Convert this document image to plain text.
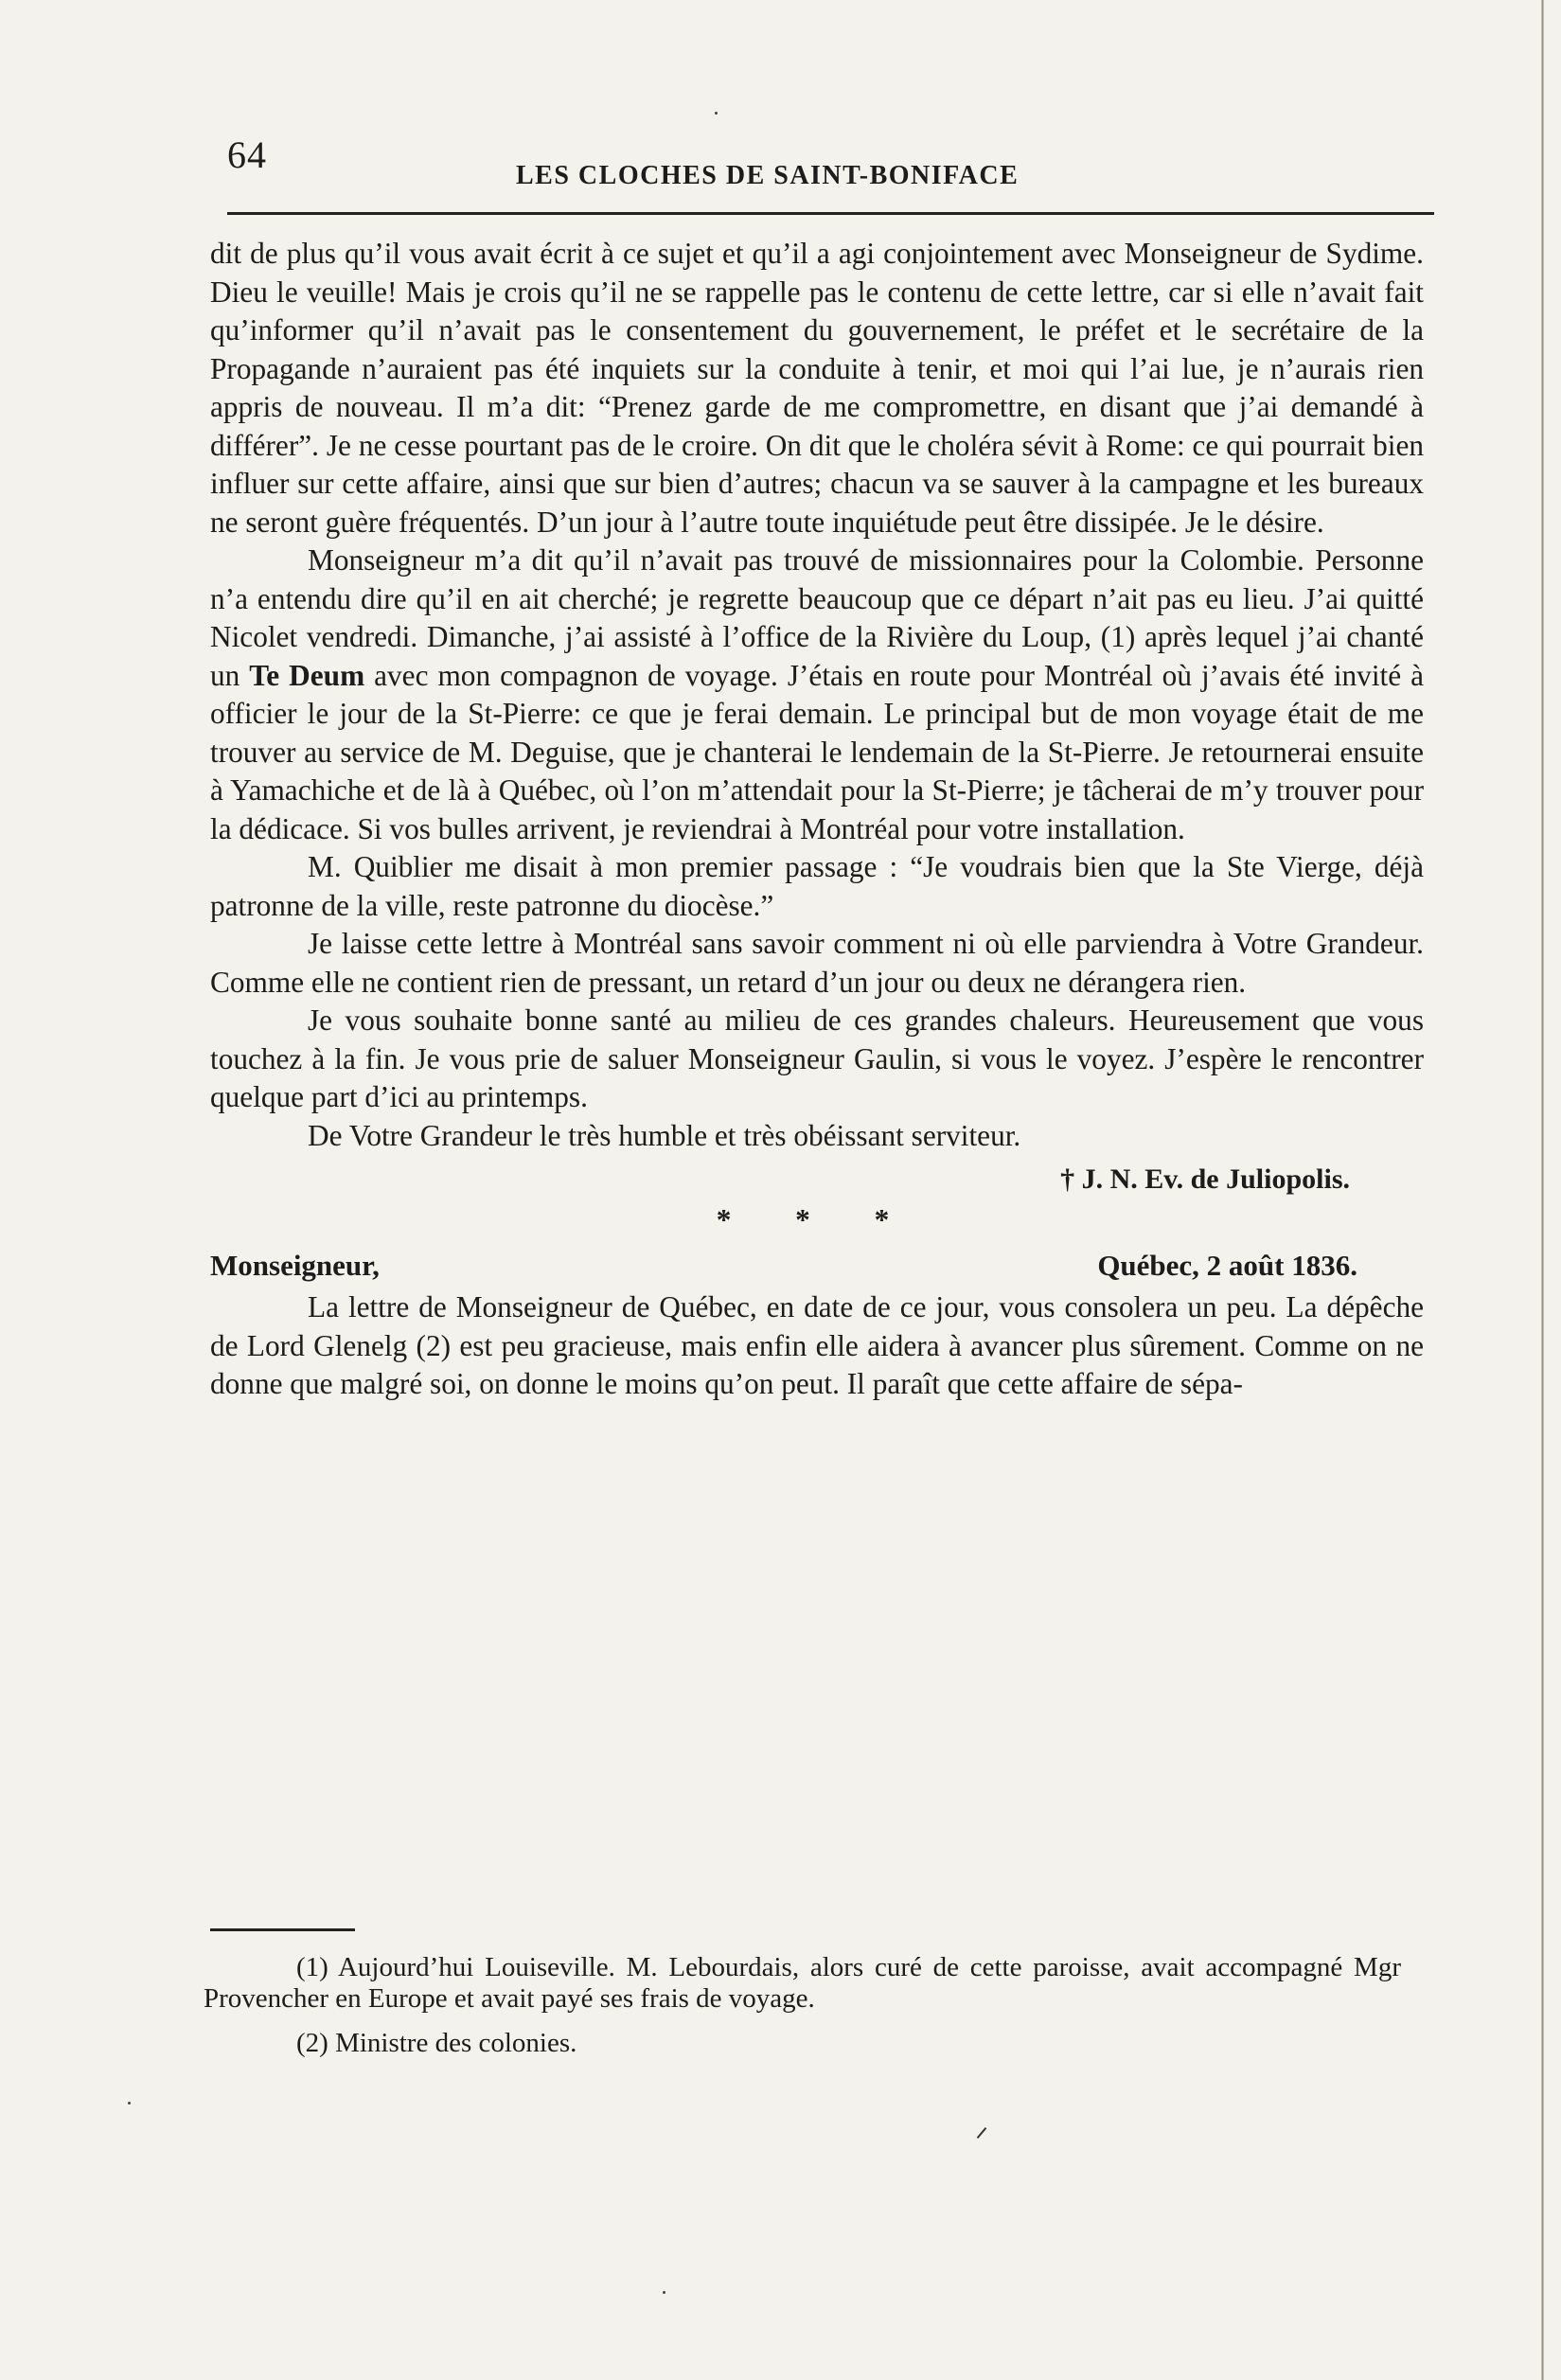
64	LES CLOCHES DE SAINT-BONIFACE

dit de plus qu’il vous avait écrit à ce sujet et qu’il a agi conjointement avec Monseigneur de Sydime. Dieu le veuille! Mais je crois qu’il ne se rappelle pas le contenu de cette lettre, car si elle n’avait fait qu’informer qu’il n’avait pas le consentement du gouvernement, le préfet et le secrétaire de la Propagande n’auraient pas été inquiets sur la conduite à tenir, et moi qui l’ai lue, je n’aurais rien appris de nouveau. Il m’a dit: “Prenez garde de me compromettre, en disant que j’ai demandé à différer”. Je ne cesse pourtant pas de le croire. On dit que le choléra sévit à Rome: ce qui pourrait bien influer sur cette affaire, ainsi que sur bien d’autres; chacun va se sauver à la campagne et les bureaux ne seront guère fréquentés. D’un jour à l’autre toute inquiétude peut être dissipée. Je le désire.

Monseigneur m’a dit qu’il n’avait pas trouvé de missionnaires pour la Colombie. Personne n’a entendu dire qu’il en ait cherché; je regrette beaucoup que ce départ n’ait pas eu lieu. J’ai quitté Nicolet vendredi. Dimanche, j’ai assisté à l’office de la Rivière du Loup, (1) après lequel j’ai chanté un Te Deum avec mon compagnon de voyage. J’étais en route pour Montréal où j’avais été invité à officier le jour de la St-Pierre: ce que je ferai demain. Le principal but de mon voyage était de me trouver au service de M. Deguise, que je chanterai le lendemain de la St-Pierre. Je retournerai ensuite à Yamachiche et de là à Québec, où l’on m’attendait pour la St-Pierre; je tâcherai de m’y trouver pour la dédicace. Si vos bulles arrivent, je reviendrai à Montréal pour votre installation.

M. Quiblier me disait à mon premier passage : “Je voudrais bien que la Ste Vierge, déjà patronne de la ville, reste patronne du diocèse.”

Je laisse cette lettre à Montréal sans savoir comment ni où elle parviendra à Votre Grandeur. Comme elle ne contient rien de pressant, un retard d’un jour ou deux ne dérangera rien.

Je vous souhaite bonne santé au milieu de ces grandes chaleurs. Heureusement que vous touchez à la fin. Je vous prie de saluer Monseigneur Gaulin, si vous le voyez. J’espère le rencontrer quelque part d’ici au printemps.

De Votre Grandeur le très humble et très obéissant serviteur.

† J. N. Ev. de Juliopolis.

* * *

Monseigneur,	Québec, 2 août 1836.

La lettre de Monseigneur de Québec, en date de ce jour, vous consolera un peu. La dépêche de Lord Glenelg (2) est peu gracieuse, mais enfin elle aidera à avancer plus sûrement. Comme on ne donne que malgré soi, on donne le moins qu’on peut. Il paraît que cette affaire de sépa-

(1) Aujourd’hui Louiseville. M. Lebourdais, alors curé de cette paroisse, avait accompagné Mgr Provencher en Europe et avait payé ses frais de voyage.

(2) Ministre des colonies.
